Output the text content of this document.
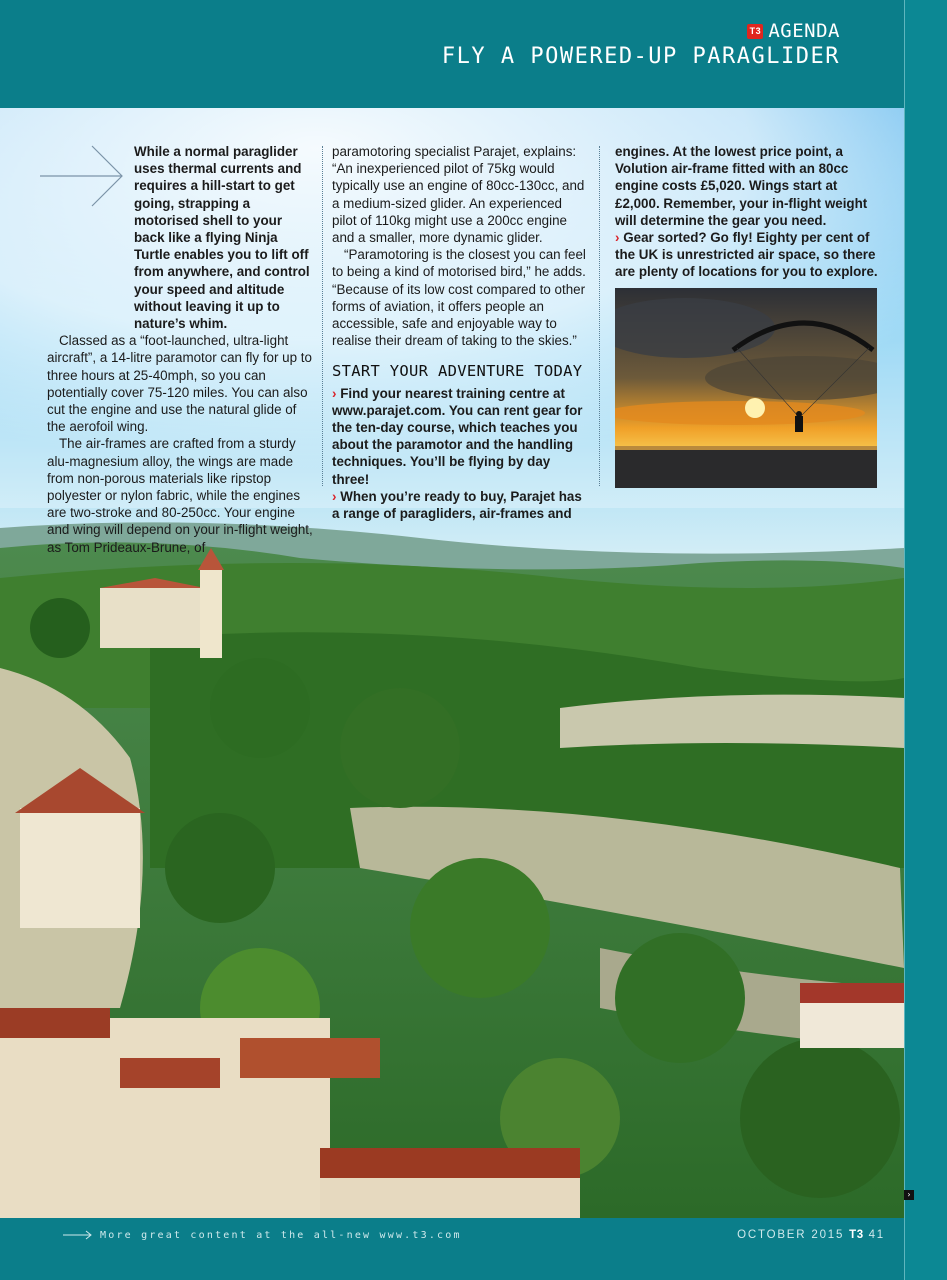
T3 AGENDA
FLY A POWERED-UP PARAGLIDER

While a normal paraglider uses thermal currents and requires a hill-start to get going, strapping a motorised shell to your back like a flying Ninja Turtle enables you to lift off from anywhere, and control your speed and altitude without leaving it up to nature’s whim.

Classed as a “foot-launched, ultra-light aircraft”, a 14-litre paramotor can fly for up to three hours at 25-40mph, so you can potentially cover 75-120 miles. You can also cut the engine and use the natural glide of the aerofoil wing.

The air-frames are crafted from a sturdy alu-magnesium alloy, the wings are made from non-porous materials like ripstop polyester or nylon fabric, while the engines are two-stroke and 80-250cc. Your engine and wing will depend on your in-flight weight, as Tom Prideaux-Brune, of

paramotoring specialist Parajet, explains: “An inexperienced pilot of 75kg would typically use an engine of 80cc-130cc, and a medium-sized glider. An experienced pilot of 110kg might use a 200cc engine and a smaller, more dynamic glider.

“Paramotoring is the closest you can feel to being a kind of motorised bird,” he adds. “Because of its low cost compared to other forms of aviation, it offers people an accessible, safe and enjoyable way to realise their dream of taking to the skies.”

START YOUR ADVENTURE TODAY

› Find your nearest training centre at www.parajet.com. You can rent gear for the ten-day course, which teaches you about the paramotor and the handling techniques. You’ll be flying by day three!

› When you’re ready to buy, Parajet has a range of paragliders, air-frames and

engines. At the lowest price point, a Volution air-frame fitted with an 80cc engine costs £5,020. Wings start at £2,000. Remember, your in-flight weight will determine the gear you need.

› Gear sorted? Go fly! Eighty per cent of the UK is unrestricted air space, so there are plenty of locations for you to explore.

More great content at the all-new www.t3.com	OCTOBER 2015 T3 41
›
